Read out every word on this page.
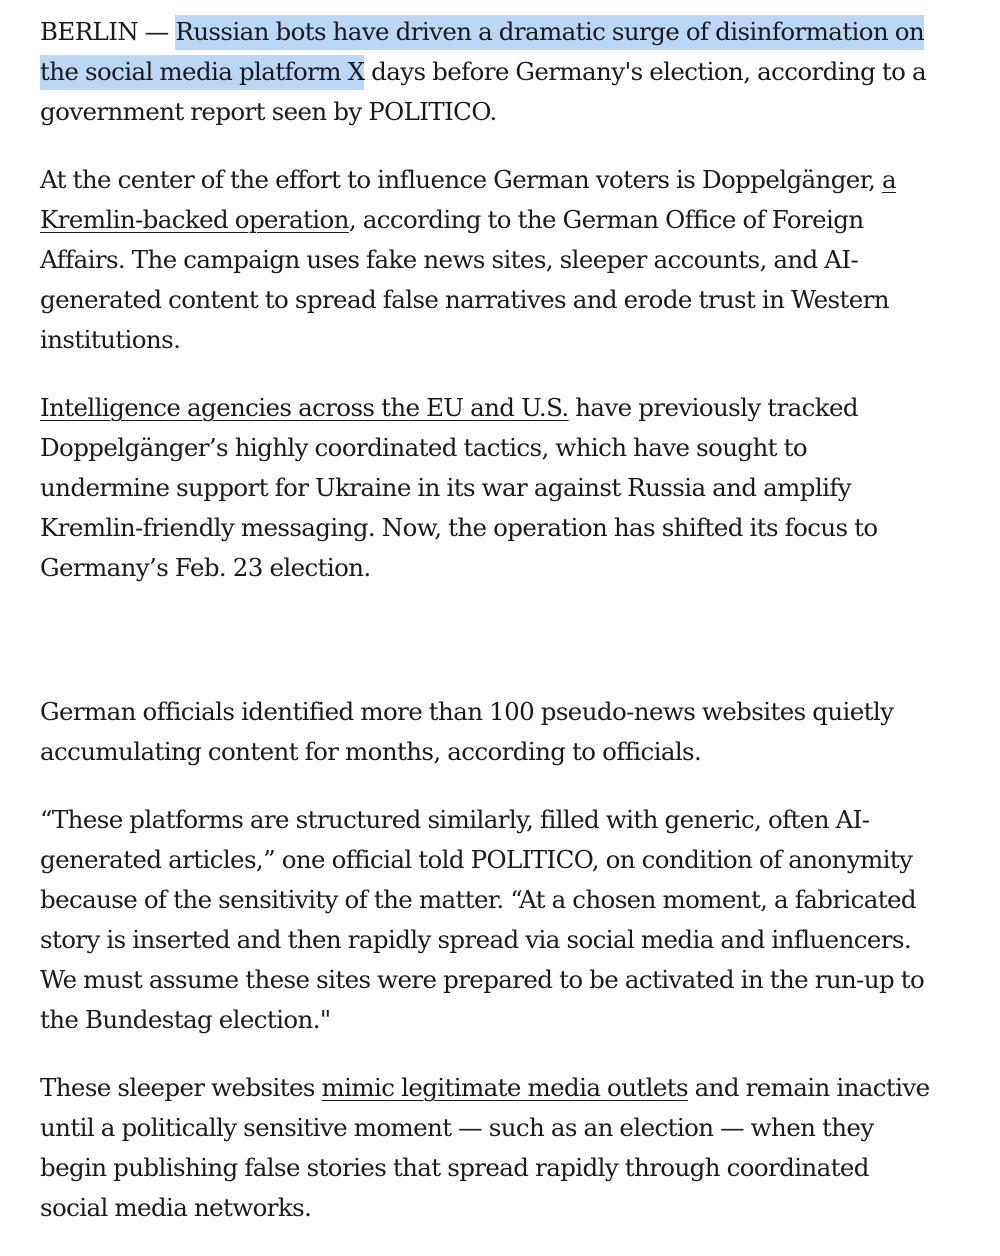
BERLIN — Russian bots have driven a dramatic surge of disinformation on the social media platform X days before Germany's election, according to a government report seen by POLITICO.

At the center of the effort to influence German voters is Doppelgänger, a Kremlin-backed operation, according to the German Office of Foreign Affairs. The campaign uses fake news sites, sleeper accounts, and AI-generated content to spread false narratives and erode trust in Western institutions.

Intelligence agencies across the EU and U.S. have previously tracked Doppelgänger’s highly coordinated tactics, which have sought to undermine support for Ukraine in its war against Russia and amplify Kremlin-friendly messaging. Now, the operation has shifted its focus to Germany’s Feb. 23 election.

German officials identified more than 100 pseudo-news websites quietly accumulating content for months, according to officials.

“These platforms are structured similarly, filled with generic, often AI-generated articles,” one official told POLITICO, on condition of anonymity because of the sensitivity of the matter. “At a chosen moment, a fabricated story is inserted and then rapidly spread via social media and influencers. We must assume these sites were prepared to be activated in the run-up to the Bundestag election."

These sleeper websites mimic legitimate media outlets and remain inactive until a politically sensitive moment — such as an election — when they begin publishing false stories that spread rapidly through coordinated social media networks.
